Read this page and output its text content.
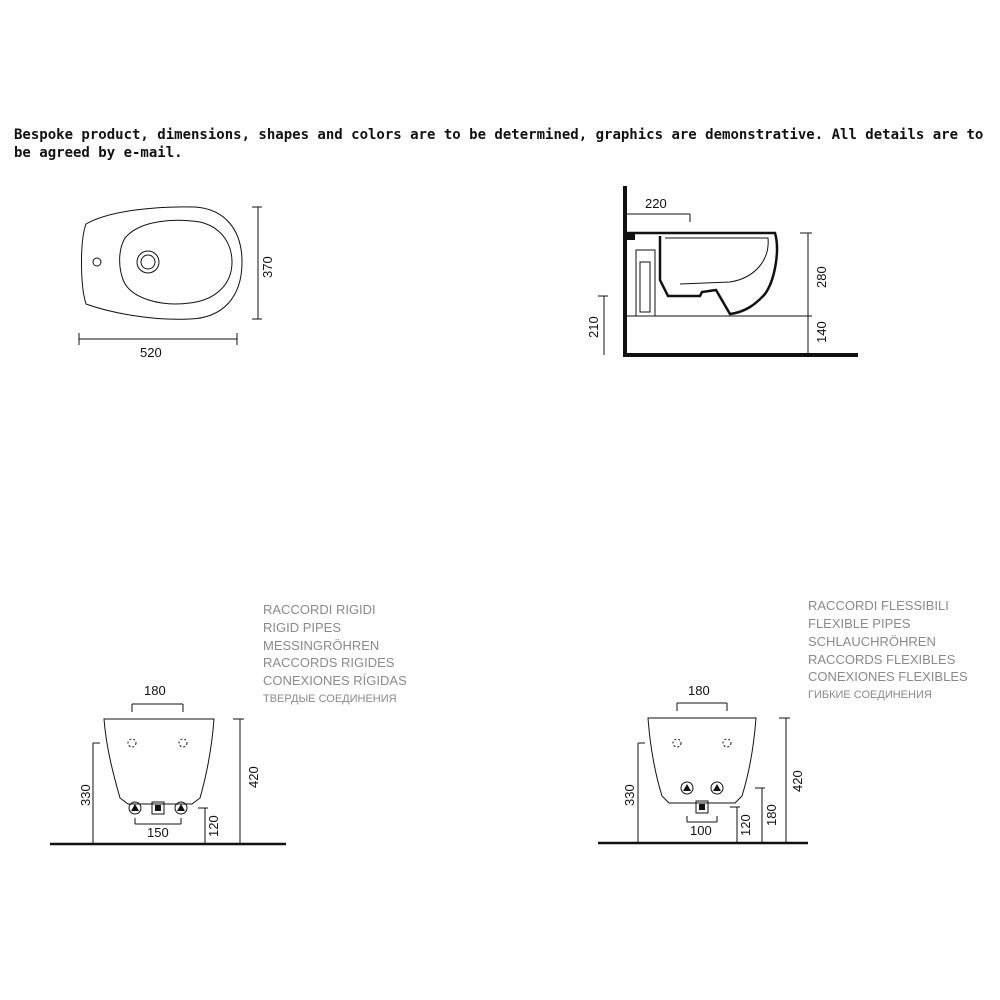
Bespoke product, dimensions, shapes and colors are to be determined, graphics are demonstrative. All details are to be agreed by e-mail.

520
370
220
280
140
210
RACCORDI RIGIDI
RIGID PIPES
MESSINGRÖHREN
RACCORDS RIGIDES
CONEXIONES RÍGIDAS
ТВЕРДЫЕ СОЕДИНЕНИЯ
180
150
330
420
120
RACCORDI FLESSIBILI
FLEXIBLE PIPES
SCHLAUCHRÖHREN
RACCORDS FLEXIBLES
CONEXIONES FLEXIBLES
ГИБКИЕ СОЕДИНЕНИЯ
180
100
330
420
120 180
